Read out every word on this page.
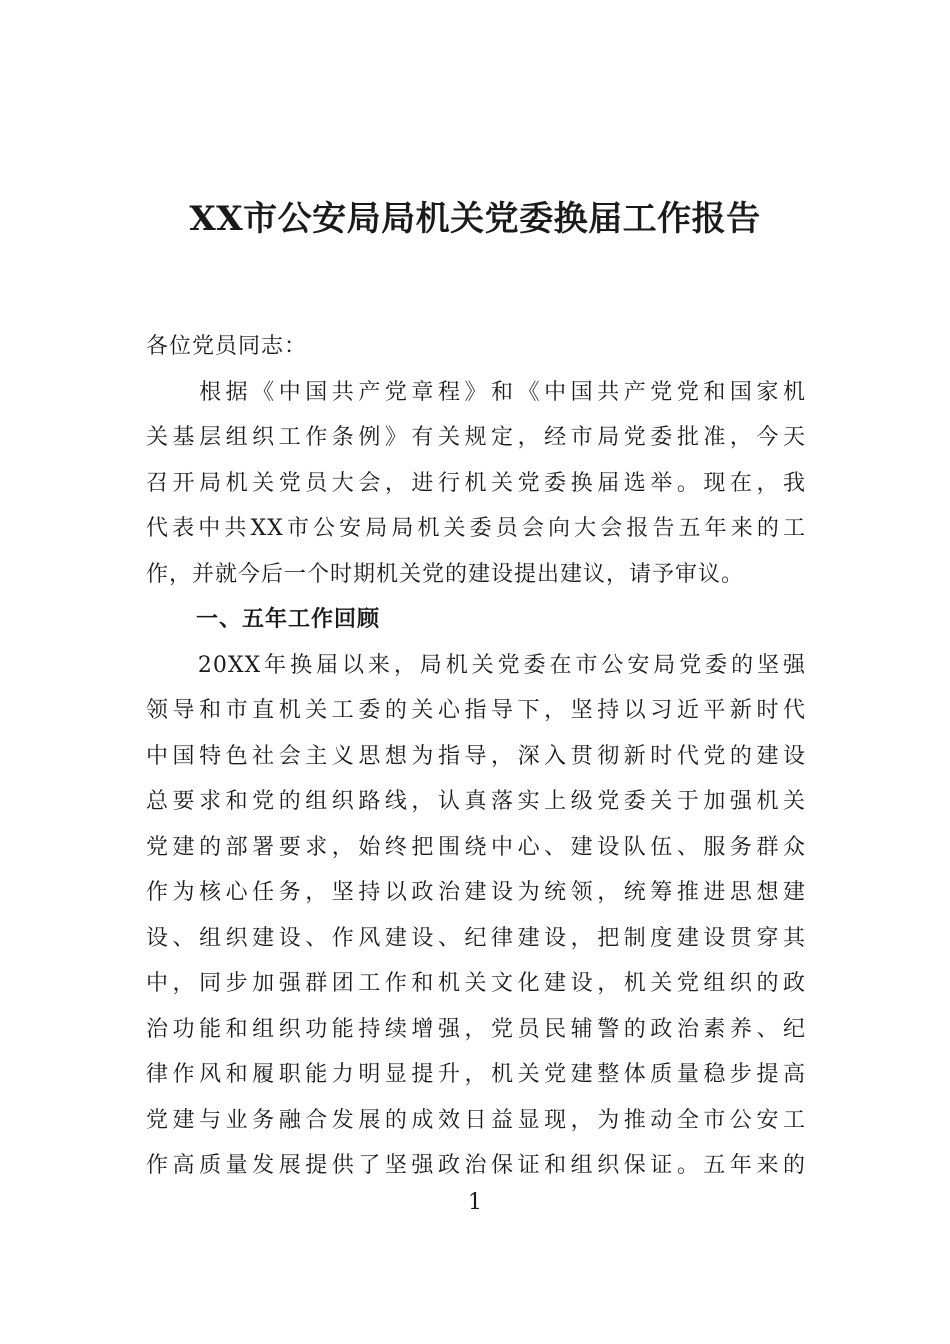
XX市公安局局机关党委换届工作报告
各位党员同志：
　　根据《中国共产党章程》和《中国共产党党和国家机
关基层组织工作条例》有关规定，经市局党委批准，今天
召开局机关党员大会，进行机关党委换届选举。现在，我
代表中共XX市公安局局机关委员会向大会报告五年来的工
作，并就今后一个时期机关党的建设提出建议，请予审议。
一、五年工作回顾
　　20XX年换届以来，局机关党委在市公安局党委的坚强
领导和市直机关工委的关心指导下，坚持以习近平新时代
中国特色社会主义思想为指导，深入贯彻新时代党的建设
总要求和党的组织路线，认真落实上级党委关于加强机关
党建的部署要求，始终把围绕中心、建设队伍、服务群众
作为核心任务，坚持以政治建设为统领，统筹推进思想建
设、组织建设、作风建设、纪律建设，把制度建设贯穿其
中，同步加强群团工作和机关文化建设，机关党组织的政
治功能和组织功能持续增强，党员民辅警的政治素养、纪
律作风和履职能力明显提升，机关党建整体质量稳步提高
党建与业务融合发展的成效日益显现，为推动全市公安工
作高质量发展提供了坚强政治保证和组织保证。五年来的
1
